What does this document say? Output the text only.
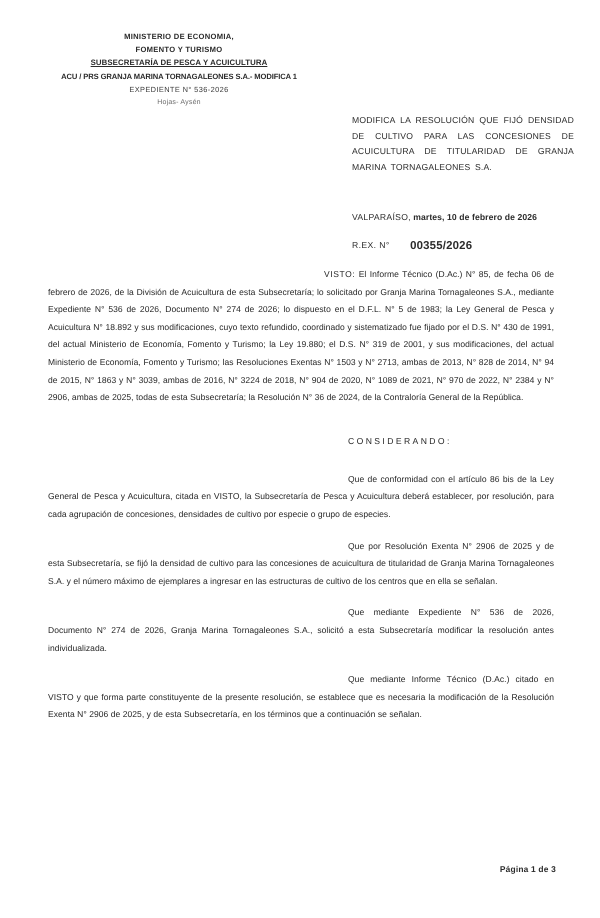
MINISTERIO DE ECONOMIA,
FOMENTO Y TURISMO
SUBSECRETARÍA DE PESCA Y ACUICULTURA
ACU / PRS GRANJA MARINA TORNAGALEONES S.A.- MODIFICA 1
EXPEDIENTE N° 536-2026
Hojas- Aysén
MODIFICA LA RESOLUCIÓN QUE FIJÓ DENSIDAD DE CULTIVO PARA LAS CONCESIONES DE ACUICULTURA DE TITULARIDAD DE GRANJA MARINA TORNAGALEONES S.A.
VALPARAÍSO, martes, 10 de febrero de 2026
R.EX. N° 00355/2026

VISTO: El Informe Técnico (D.Ac.) N° 85, de fecha 06 de febrero de 2026, de la División de Acuicultura de esta Subsecretaría; lo solicitado por Granja Marina Tornagaleones S.A., mediante Expediente N° 536 de 2026, Documento N° 274 de 2026; lo dispuesto en el D.F.L. N° 5 de 1983; la Ley General de Pesca y Acuicultura N° 18.892 y sus modificaciones, cuyo texto refundido, coordinado y sistematizado fue fijado por el D.S. N° 430 de 1991, del actual Ministerio de Economía, Fomento y Turismo; la Ley 19.880; el D.S. N° 319 de 2001, y sus modificaciones, del actual Ministerio de Economía, Fomento y Turismo; las Resoluciones Exentas N° 1503 y N° 2713, ambas de 2013, N° 828 de 2014, N° 94 de 2015, N° 1863 y N° 3039, ambas de 2016, N° 3224 de 2018, N° 904 de 2020, N° 1089 de 2021, N° 970 de 2022, N° 2384 y N° 2906, ambas de 2025, todas de esta Subsecretaría; la Resolución N° 36 de 2024, de la Contraloría General de la República.

CONSIDERANDO:

Que de conformidad con el artículo 86 bis de la Ley General de Pesca y Acuicultura, citada en VISTO, la Subsecretaría de Pesca y Acuicultura deberá establecer, por resolución, para cada agrupación de concesiones, densidades de cultivo por especie o grupo de especies.

Que por Resolución Exenta N° 2906 de 2025 y de esta Subsecretaría, se fijó la densidad de cultivo para las concesiones de acuicultura de titularidad de Granja Marina Tornagaleones S.A. y el número máximo de ejemplares a ingresar en las estructuras de cultivo de los centros que en ella se señalan.

Que mediante Expediente N° 536 de 2026, Documento N° 274 de 2026, Granja Marina Tornagaleones S.A., solicitó a esta Subsecretaría modificar la resolución antes individualizada.

Que mediante Informe Técnico (D.Ac.) citado en VISTO y que forma parte constituyente de la presente resolución, se establece que es necesaria la modificación de la Resolución Exenta N° 2906 de 2025, y de esta Subsecretaría, en los términos que a continuación se señalan.

Página 1 de 3
